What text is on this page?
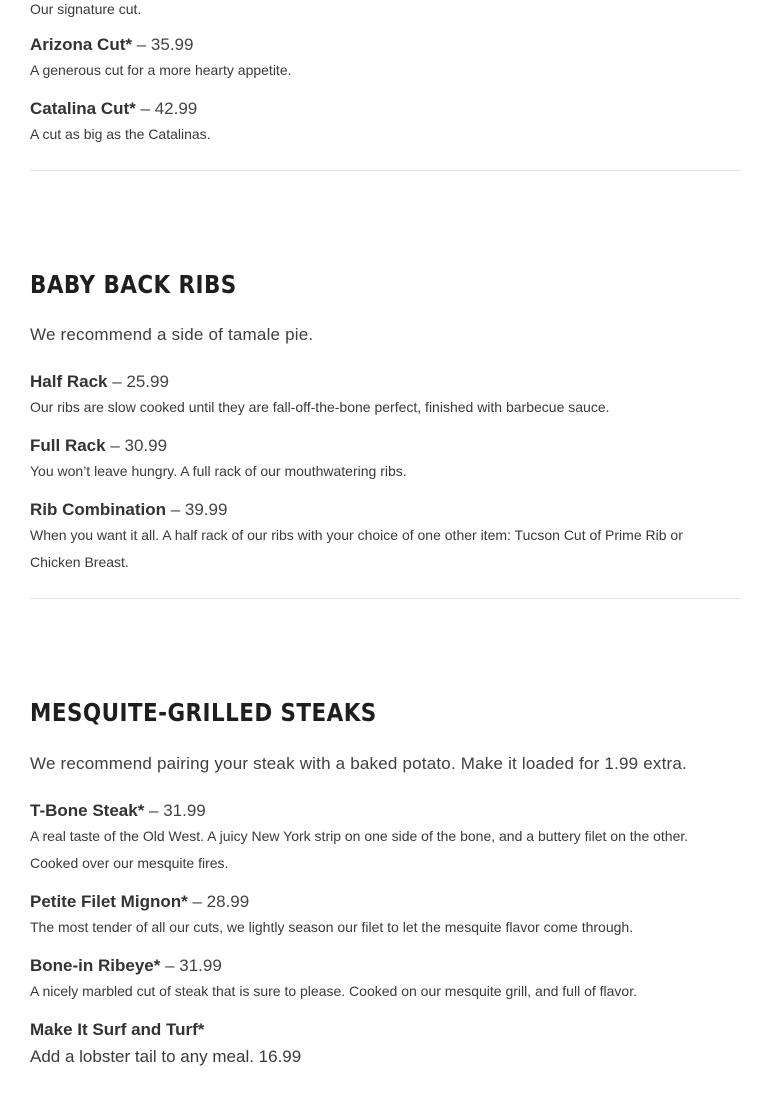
Our signature cut.
Arizona Cut* – 35.99
A generous cut for a more hearty appetite.
Catalina Cut* – 42.99
A cut as big as the Catalinas.
BABY BACK RIBS
We recommend a side of tamale pie.
Half Rack – 25.99
Our ribs are slow cooked until they are fall-off-the-bone perfect, finished with barbecue sauce.
Full Rack – 30.99
You won’t leave hungry. A full rack of our mouthwatering ribs.
Rib Combination – 39.99
When you want it all. A half rack of our ribs with your choice of one other item: Tucson Cut of Prime Rib or
Chicken Breast.
MESQUITE-GRILLED STEAKS
We recommend pairing your steak with a baked potato. Make it loaded for 1.99 extra.
T-Bone Steak* – 31.99
A real taste of the Old West. A juicy New York strip on one side of the bone, and a buttery filet on the other.
Cooked over our mesquite fires.
Petite Filet Mignon* – 28.99
The most tender of all our cuts, we lightly season our filet to let the mesquite flavor come through.
Bone-in Ribeye* – 31.99
A nicely marbled cut of steak that is sure to please. Cooked on our mesquite grill, and full of flavor.
Make It Surf and Turf*
Add a lobster tail to any meal. 16.99
